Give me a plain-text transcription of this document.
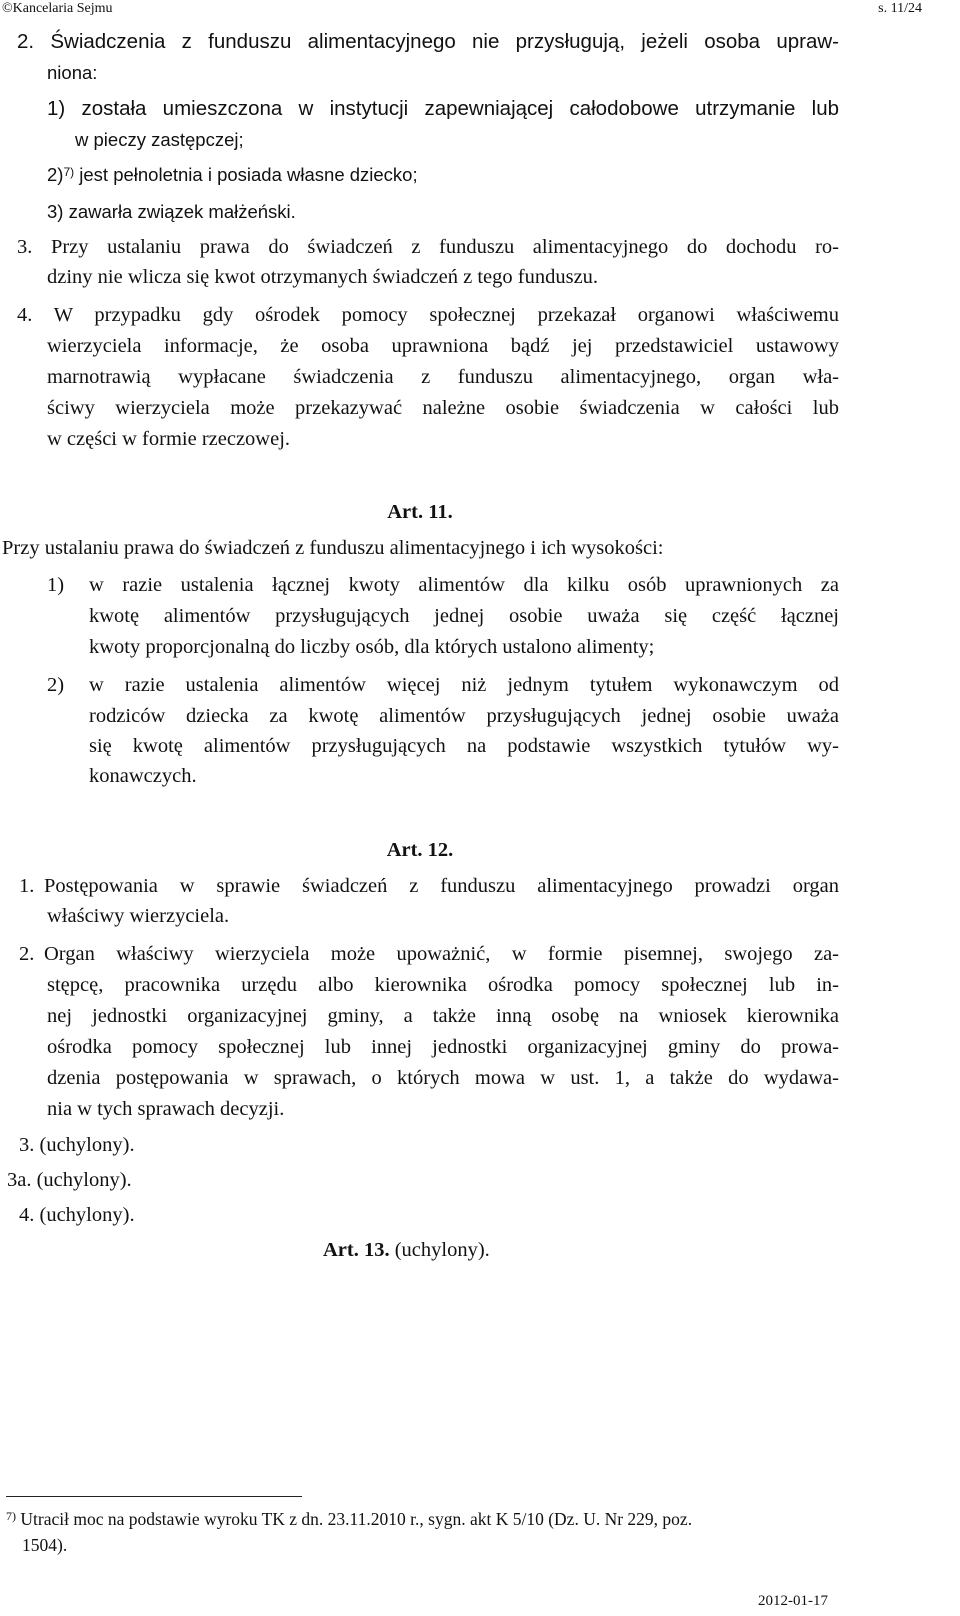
©Kancelaria Sejmu	s. 11/24
2. Świadczenia z funduszu alimentacyjnego nie przysługują, jeżeli osoba upraw-
niona:
1) została umieszczona w instytucji zapewniającej całodobowe utrzymanie lub
w pieczy zastępczej;
2)$^{7)}$ jest pełnoletnia i posiada własne dziecko;
3) zawarła związek małżeński.
3. Przy ustalaniu prawa do świadczeń z funduszu alimentacyjnego do dochodu ro-
dziny nie wlicza się kwot otrzymanych świadczeń z tego funduszu.
4. W przypadku gdy ośrodek pomocy społecznej przekazał organowi właściwemu
wierzyciela informacje, że osoba uprawniona bądź jej przedstawiciel ustawowy
marnotrawią wypłacane świadczenia z funduszu alimentacyjnego, organ wła-
ściwy wierzyciela może przekazywać należne osobie świadczenia w całości lub
w części w formie rzeczowej.
Art. 11.
Przy ustalaniu prawa do świadczeń z funduszu alimentacyjnego i ich wysokości:
1) w razie ustalenia łącznej kwoty alimentów dla kilku osób uprawnionych za
kwotę alimentów przysługujących jednej osobie uważa się część łącznej
kwoty proporcjonalną do liczby osób, dla których ustalono alimenty;
2) w razie ustalenia alimentów więcej niż jednym tytułem wykonawczym od
rodziców dziecka za kwotę alimentów przysługujących jednej osobie uważa
się kwotę alimentów przysługujących na podstawie wszystkich tytułów wy-
konawczych.
Art. 12.
1. Postępowania w sprawie świadczeń z funduszu alimentacyjnego prowadzi organ
właściwy wierzyciela.
2. Organ właściwy wierzyciela może upoważnić, w formie pisemnej, swojego za-
stępcę, pracownika urzędu albo kierownika ośrodka pomocy społecznej lub in-
nej jednostki organizacyjnej gminy, a także inną osobę na wniosek kierownika
ośrodka pomocy społecznej lub innej jednostki organizacyjnej gminy do prowa-
dzenia postępowania w sprawach, o których mowa w ust. 1, a także do wydawa-
nia w tych sprawach decyzji.
3. (uchylony).
3a. (uchylony).
4. (uchylony).
Art. 13. (uchylony).
$^{7)}$ Utracił moc na podstawie wyroku TK z dn. 23.11.2010 r., sygn. akt K 5/10 (Dz. U. Nr 229, poz.
1504).
2012-01-17
